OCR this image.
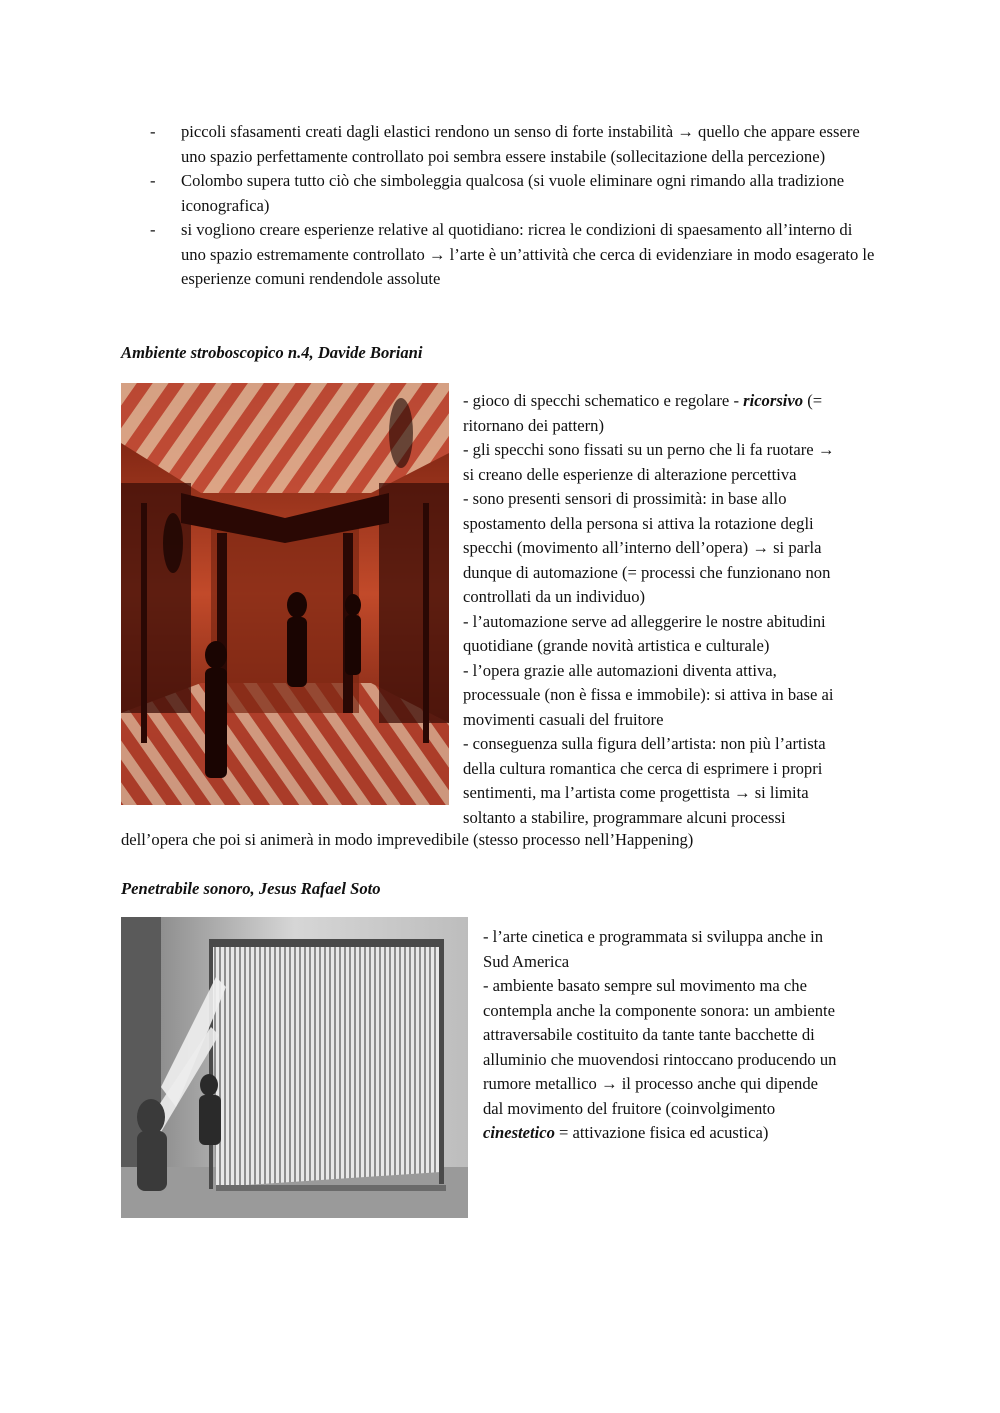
-	piccoli sfasamenti creati dagli elastici rendono un senso di forte instabilità → quello che appare essere uno spazio perfettamente controllato poi sembra essere instabile (sollecitazione della percezione)
-	Colombo supera tutto ciò che simboleggia qualcosa (si vuole eliminare ogni rimando alla tradizione iconografica)
-	si vogliono creare esperienze relative al quotidiano: ricrea le condizioni di spaesamento all’interno di uno spazio estremamente controllato → l’arte è un’attività che cerca di evidenziare in modo esagerato le esperienze comuni rendendole assolute
Ambiente stroboscopico n.4, Davide Boriani
- gioco di specchi schematico e regolare - ricorsivo (=
ritornano dei pattern)
- gli specchi sono fissati su un perno che li fa ruotare →
si creano delle esperienze di alterazione percettiva
- sono presenti sensori di prossimità: in base allo
spostamento della persona si attiva la rotazione degli
specchi (movimento all’interno dell’opera) → si parla
dunque di automazione (= processi che funzionano non
controllati da un individuo)
- l’automazione serve ad alleggerire le nostre abitudini
quotidiane (grande novità artistica e culturale)
- l’opera grazie alle automazioni diventa attiva,
processuale (non è fissa e immobile): si attiva in base ai
movimenti casuali del fruitore
- conseguenza sulla figura dell’artista: non più l’artista
della cultura romantica che cerca di esprimere i propri
sentimenti, ma l’artista come progettista → si limita
soltanto a stabilire, programmare alcuni processi
dell’opera che poi si animerà in modo imprevedibile (stesso processo nell’Happening)
Penetrabile sonoro, Jesus Rafael Soto
- l’arte cinetica e programmata si sviluppa anche in
Sud America
- ambiente basato sempre sul movimento ma che
contempla anche la componente sonora: un ambiente
attraversabile costituito da tante tante bacchette di
alluminio che muovendosi rintoccano producendo un
rumore metallico → il processo anche qui dipende
dal movimento del fruitore (coinvolgimento
cinestetico = attivazione fisica ed acustica)
